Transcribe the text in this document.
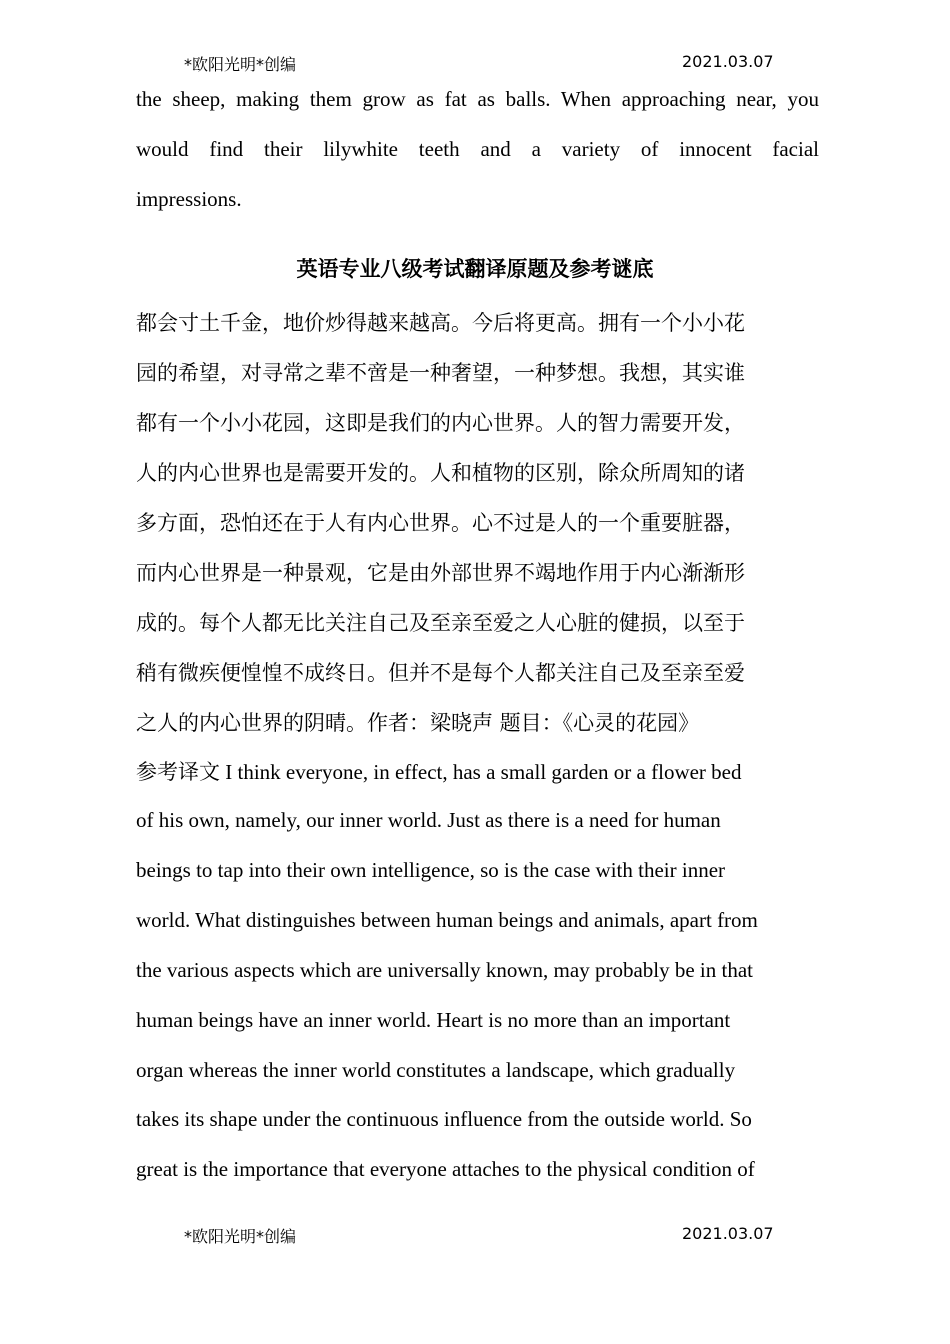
*欧阳光明*创编	2021.03.07
the sheep, making them grow as fat as balls. When approaching near, you
would find their lilywhite teeth and a variety of innocent facial
impressions.
英语专业八级考试翻译原题及参考谜底
都会寸土千金，地价炒得越来越高。今后将更高。拥有一个小小花
园的希望，对寻常之辈不啻是一种奢望，一种梦想。我想，其实谁
都有一个小小花园，这即是我们的内心世界。人的智力需要开发，
人的内心世界也是需要开发的。人和植物的区别，除众所周知的诸
多方面，恐怕还在于人有内心世界。心不过是人的一个重要脏器，
而内心世界是一种景观，它是由外部世界不竭地作用于内心渐渐形
成的。每个人都无比关注自己及至亲至爱之人心脏的健损，以至于
稍有微疾便惶惶不成终日。但并不是每个人都关注自己及至亲至爱
之人的内心世界的阴晴。作者：梁晓声 题目：《心灵的花园》
参考译文 I think everyone, in effect, has a small garden or a flower bed
of his own, namely, our inner world. Just as there is a need for human
beings to tap into their own intelligence, so is the case with their inner
world. What distinguishes between human beings and animals, apart from
the various aspects which are universally known, may probably be in that
human beings have an inner world. Heart is no more than an important
organ whereas the inner world constitutes a landscape, which gradually
takes its shape under the continuous influence from the outside world. So
great is the importance that everyone attaches to the physical condition of
*欧阳光明*创编	2021.03.07
